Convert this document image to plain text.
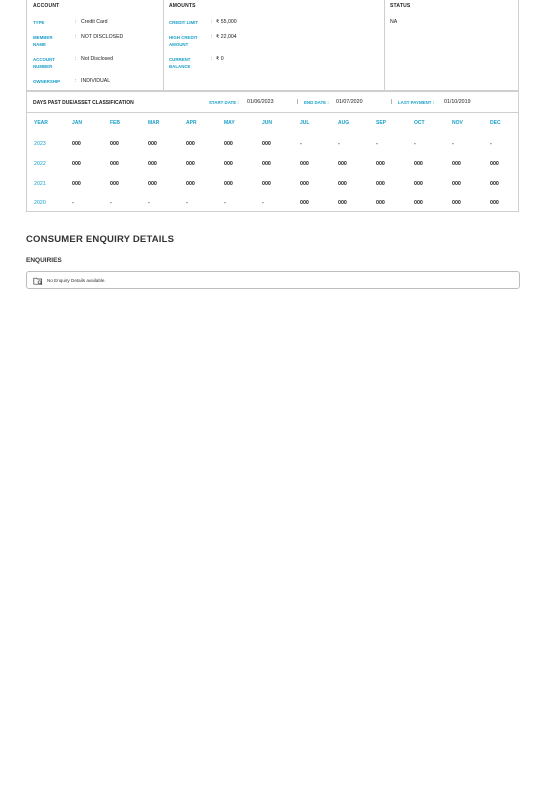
ACCOUNT
TYPE	: Credit Card
MEMBER NAME
: NOT DISCLOSED
ACCOUNT NUMBER
: Not Disclosed
OWNERSHIP	: INDIVIDUAL
AMOUNTS
CREDIT LIMIT	: ₹ 55,000
HIGH CREDIT AMOUNT
: ₹ 22,004
CURRENT BALANCE
: ₹ 0
STATUS
NA
DAYS PAST DUE/ASSET CLASSIFICATION	START DATE : 01/06/2023	| END DATE : 01/07/2020	| LAST PAYMENT : 01/10/2019
YEAR	JAN	FEB	MAR	APR	MAY	JUN	JUL	AUG	SEP	OCT	NOV	DEC
2023	000	000	000	000	000	000	-	-	-	-	-	-
2022	000	000	000	000	000	000	000	000	000	000	000	000
2021	000	000	000	000	000	000	000	000	000	000	000	000
2020	-	-	-	-	-	-	000	000	000	000	000	000
CONSUMER ENQUIRY DETAILS
ENQUIRIES
No Enquiry Details available.
